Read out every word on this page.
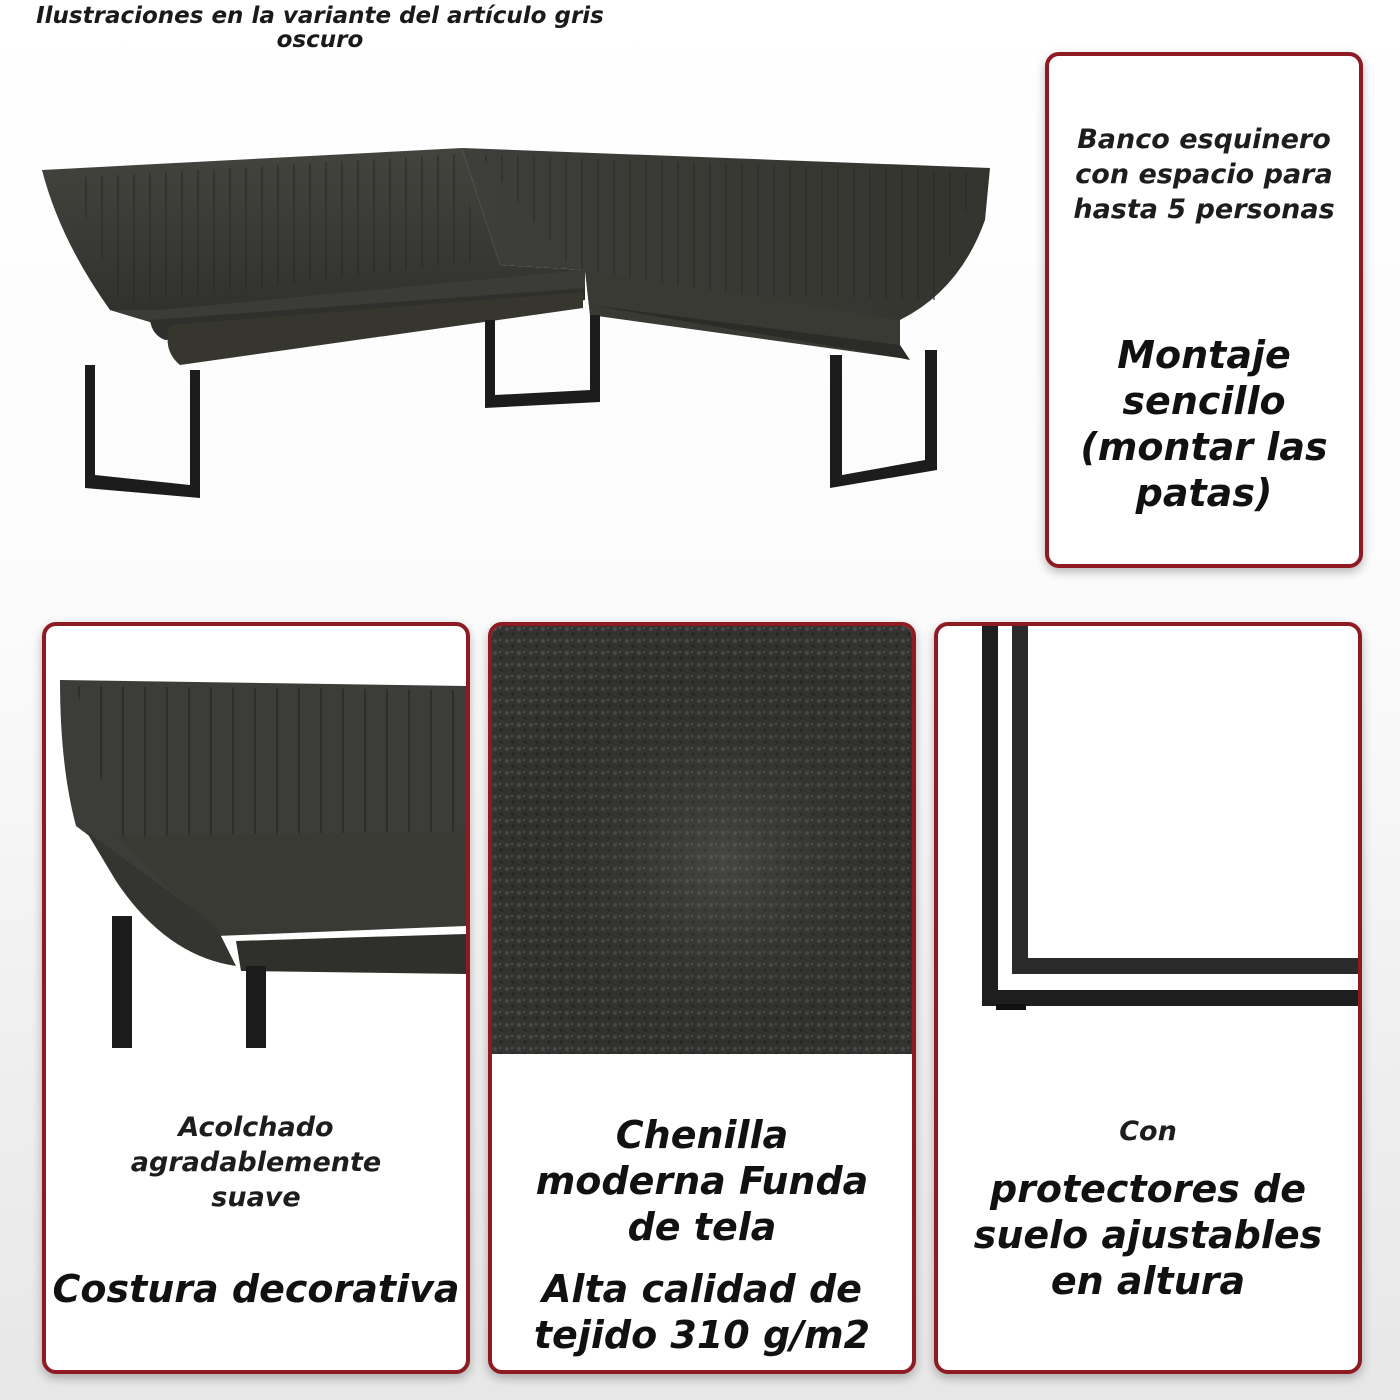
Ilustraciones en la variante del artículo gris oscuro
Banco esquinero con espacio para hasta 5 personas
Montaje sencillo (montar las patas)
Acolchado agradablemente suave
Costura decorativa
Chenilla moderna Funda de tela
Alta calidad de tejido 310 g/m2
Con
protectores de suelo ajustables en altura
